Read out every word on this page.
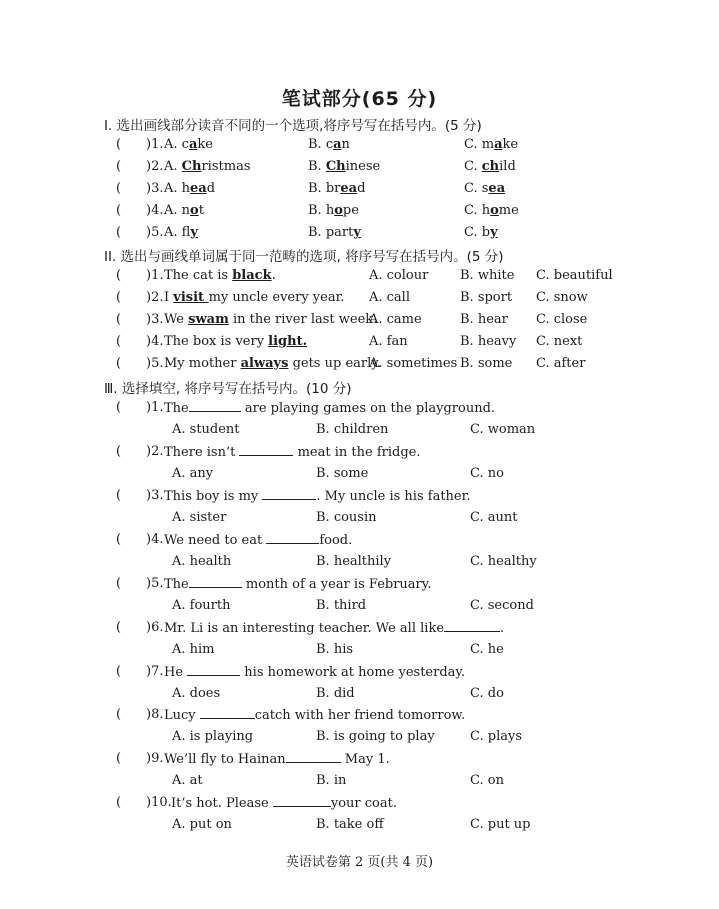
笔试部分(65 分)
I. 选出画线部分读音不同的一个选项,将序号写在括号内。(5 分)
( )1. A. cake	B. can	C. make
( )2. A. Christmas	B. Chinese	C. child
( )3. A. head	B. bread	C. sea
( )4. A. not	B. hope	C. home
( )5. A. fly	B. party	C. by
II. 选出与画线单词属于同一范畴的选项, 将序号写在括号内。(5 分)
( )1. The cat is black.	A. colour B. white C. beautiful
( )2. I visit my uncle every year. A. call	B. sport C. snow
( )3. We swam in the river last week.
A. came	B. hear C. close
( )4. The box is very light.	A. fan	B. heavy C. next
( )5. My mother always gets up early.
A. sometimes B. some C. after
Ⅲ. 选择填空, 将序号写在括号内。(10 分)
( )1. The	are playing games on the playground.
A. student	B. children	C. woman
( )2. There isn’t	meat in the fridge.
A. any	B. some	C. no
( )3. This boy is my	. My uncle is his father.
A. sister	B. cousin	C. aunt
( )4. We need to eat	food.
A. health	B. healthily	C. healthy
( )5. The	month of a year is February.
A. fourth	B. third	C. second
( )6. Mr. Li is an interesting teacher. We all like	.
A. him	B. his	C. he
( )7. He	his homework at home yesterday.
A. does	B. did	C. do
( )8. Lucy	catch with her friend tomorrow.
A. is playing	B. is going to play	C. plays
( )9. We’ll fly to Hainan	May 1.
A. at	B. in	C. on
( )10. It’s hot. Please	your coat.
A. put on	B. take off	C. put up
英语试卷第 2 页(共 4 页)
